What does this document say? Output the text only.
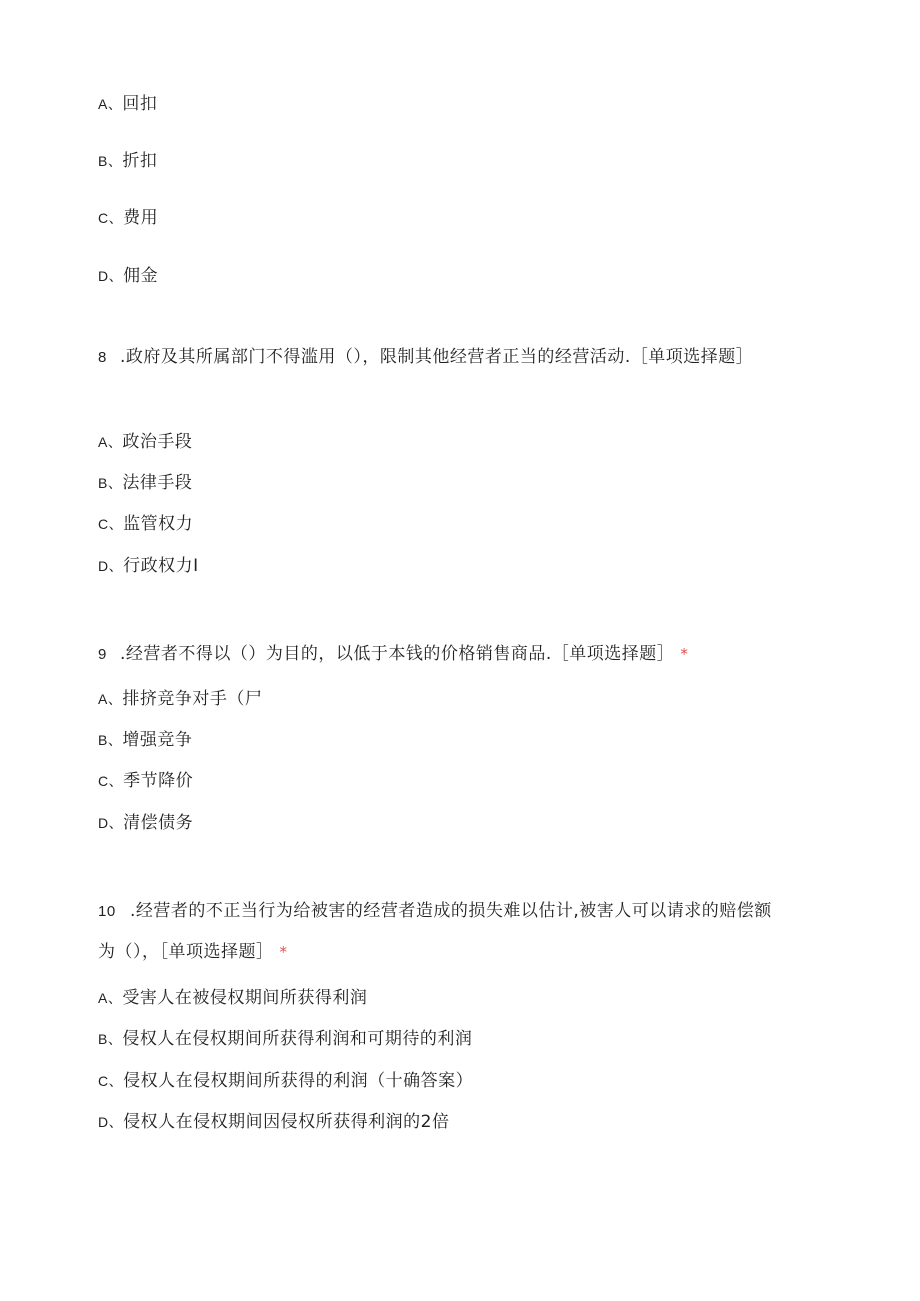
A、回扣
B、折扣
C、费用
D、佣金
8 .政府及其所属部门不得滥用（），限制其他经营者正当的经营活动.［单项选择题］
A、政治手段
B、法律手段
C、监管权力
D、行政权力I
9 .经营者不得以（）为目的，以低于本钱的价格销售商品.［单项选择题］ *
A、排挤竞争对手（尸
B、增强竞争
C、季节降价
D、清偿债务
10 .经营者的不正当行为给被害的经营者造成的损失难以估计,被害人可以请求的赔偿额
为（），［单项选择题］ *
A、受害人在被侵权期间所获得利润
B、侵权人在侵权期间所获得利润和可期待的利润
C、侵权人在侵权期间所获得的利润（十确答案）
D、侵权人在侵权期间因侵权所获得利润的2倍
